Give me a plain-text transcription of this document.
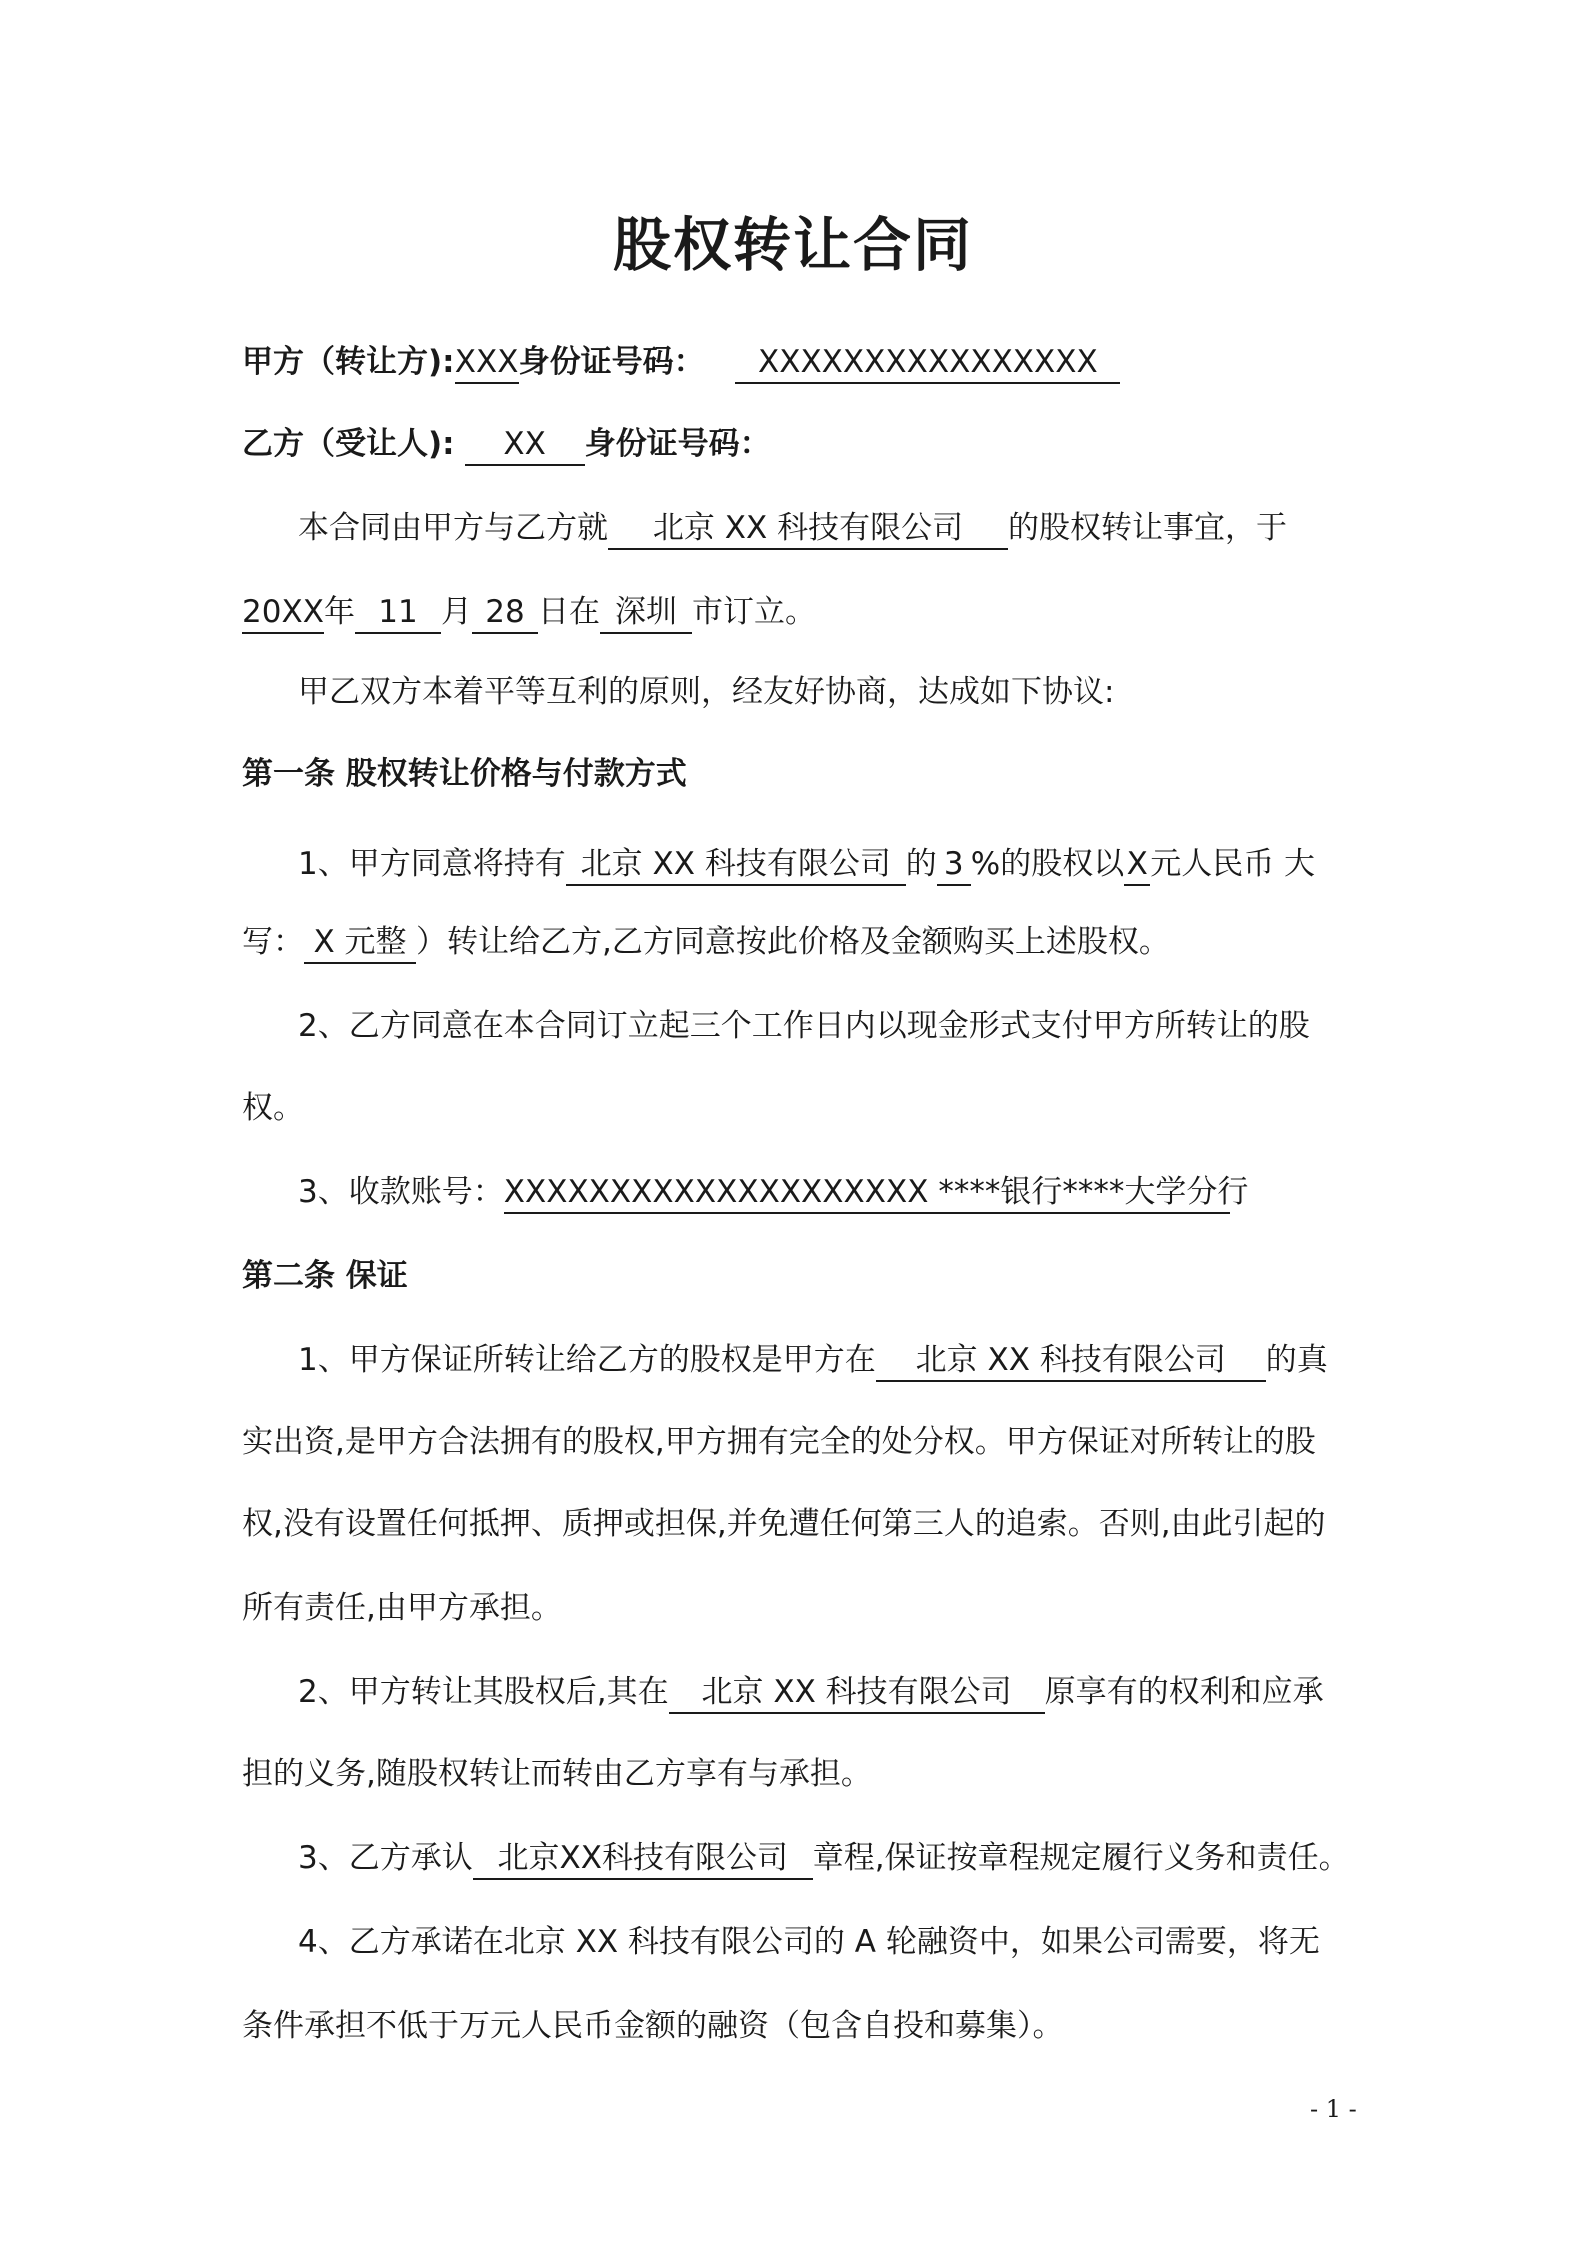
股权转让合同
甲方（转让方):XXX身份证号码： XXXXXXXXXXXXXXXX
乙方（受让人): XX 身份证号码：
本合同由甲方与乙方就 北京 XX 科技有限公司 的股权转让事宜，于
20XX年 11 月 28 日在 深圳 市订立。
甲乙双方本着平等互利的原则，经友好协商，达成如下协议:
第一条 股权转让价格与付款方式
1、甲方同意将持有 北京 XX 科技有限公司 的 3 %的股权以X元人民币 大
写： X 元整 ）转让给乙方,乙方同意按此价格及金额购买上述股权。
2、乙方同意在本合同订立起三个工作日内以现金形式支付甲方所转让的股
权。
3、收款账号：XXXXXXXXXXXXXXXXXXXX ****银行****大学分行
第二条 保证
1、甲方保证所转让给乙方的股权是甲方在 北京 XX 科技有限公司 的真
实出资,是甲方合法拥有的股权,甲方拥有完全的处分权。甲方保证对所转让的股
权,没有设置任何抵押、质押或担保,并免遭任何第三人的追索。否则,由此引起的
所有责任,由甲方承担。
2、甲方转让其股权后,其在 北京 XX 科技有限公司 原享有的权利和应承
担的义务,随股权转让而转由乙方享有与承担。
3、乙方承认 北京XX科技有限公司 章程,保证按章程规定履行义务和责任。
4、乙方承诺在北京 XX 科技有限公司的 A 轮融资中，如果公司需要，将无
条件承担不低于万元人民币金额的融资（包含自投和募集）。
- 1 -
